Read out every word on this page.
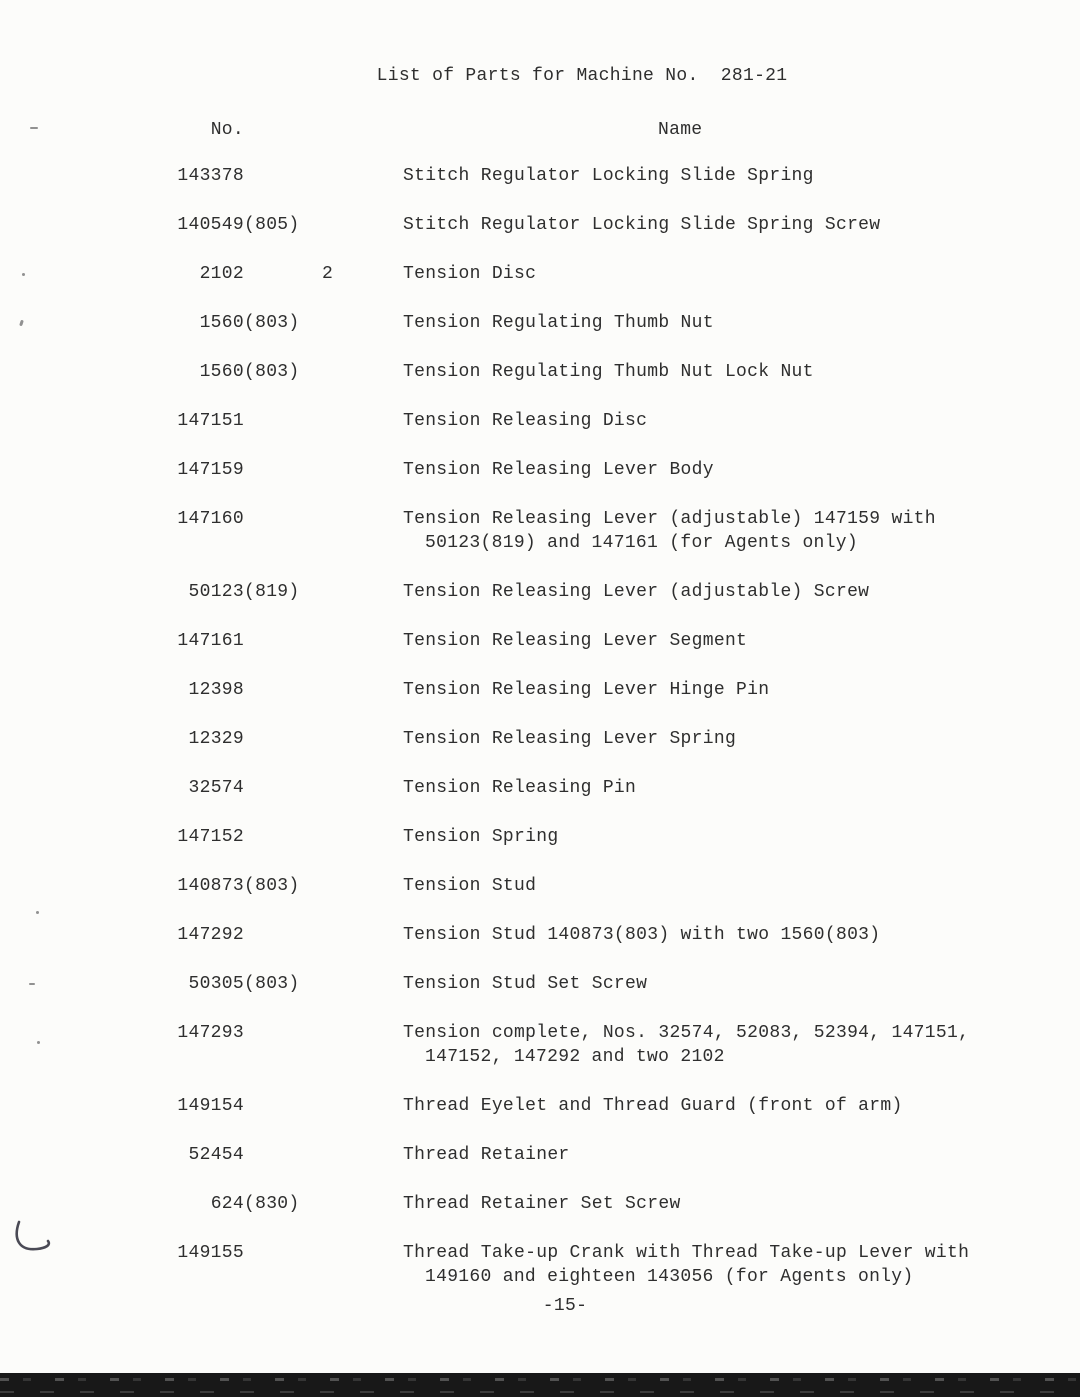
List of Parts for Machine No.  281-21
No.	Name
143378	Stitch Regulator Locking Slide Spring
140549 (805)	Stitch Regulator Locking Slide Spring Screw
2102	2	Tension Disc
1560 (803)	Tension Regulating Thumb Nut
1560 (803)	Tension Regulating Thumb Nut Lock Nut
147151	Tension Releasing Disc
147159	Tension Releasing Lever Body
147160	Tension Releasing Lever (adjustable) 147159 with
50123(819) and 147161 (for Agents only)
50123 (819)	Tension Releasing Lever (adjustable) Screw
147161	Tension Releasing Lever Segment
12398	Tension Releasing Lever Hinge Pin
12329	Tension Releasing Lever Spring
32574	Tension Releasing Pin
147152	Tension Spring
140873 (803)	Tension Stud
147292	Tension Stud 140873(803) with two 1560(803)
50305 (803)	Tension Stud Set Screw
147293	Tension complete, Nos. 32574, 52083, 52394, 147151,
147152, 147292 and two 2102
149154	Thread Eyelet and Thread Guard (front of arm)
52454	Thread Retainer
624 (830)	Thread Retainer Set Screw
149155	Thread Take-up Crank with Thread Take-up Lever with
149160 and eighteen 143056 (for Agents only)
-15-
